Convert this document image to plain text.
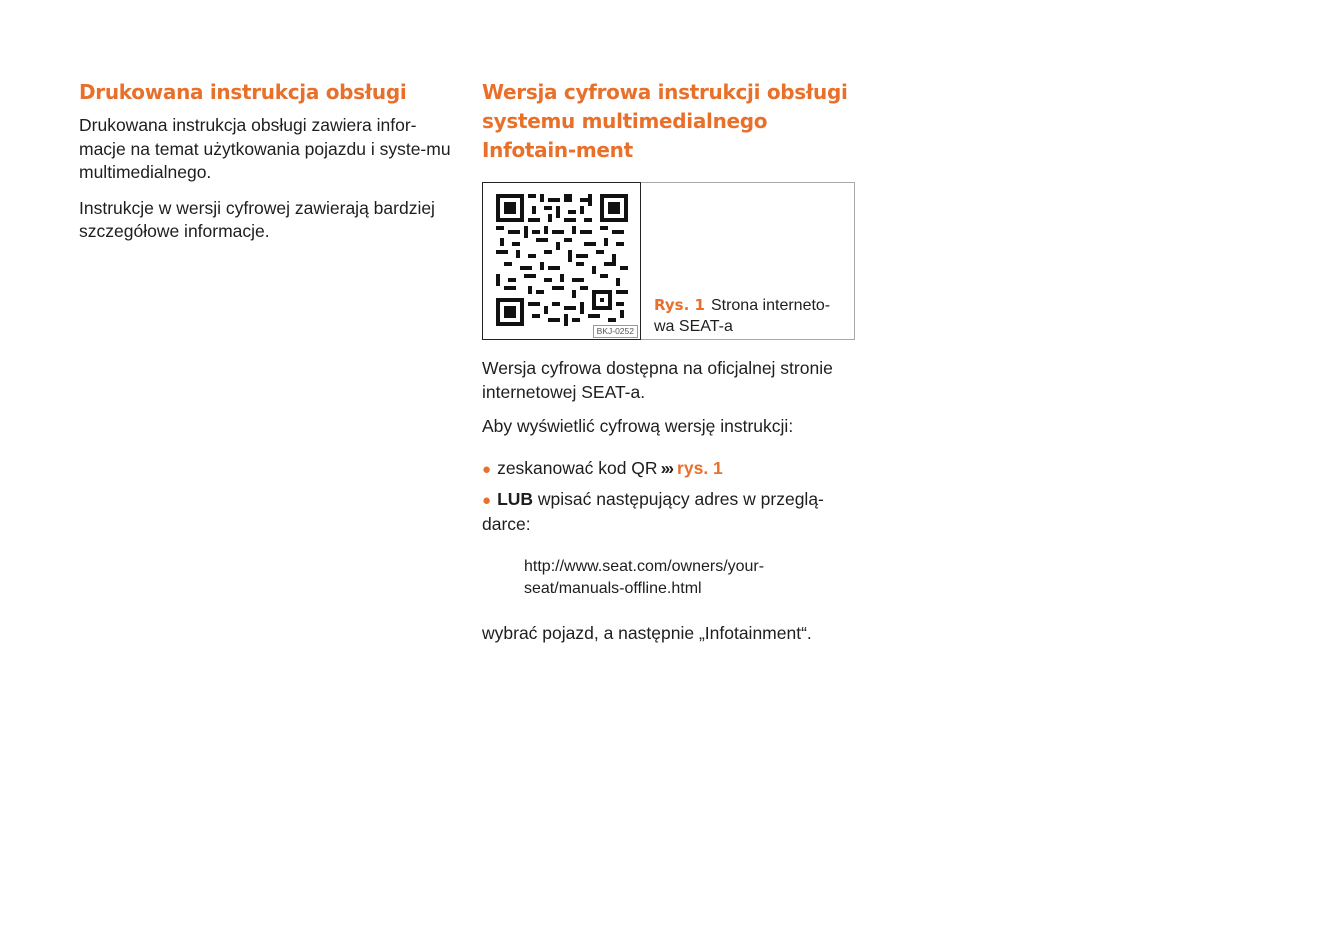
Drukowana instrukcja obsługi

Drukowana instrukcja obsługi zawiera infor-macje na temat użytkowania pojazdu i syste-mu multimedialnego.

Instrukcje w wersji cyfrowej zawierają bardziej szczegółowe informacje.

Wersja cyfrowa instrukcji obsługi systemu multimedialnego Infotain-ment
BKJ-0252
Rys. 1 Strona interneto-wa SEAT-a

Wersja cyfrowa dostępna na oficjalnej stronie internetowej SEAT-a.

Aby wyświetlić cyfrową wersję instrukcji:

● zeskanować kod QR ››› rys. 1
● LUB wpisać następujący adres w przeglą-darce:
http://www.seat.com/owners/your-seat/manuals-offline.html

wybrać pojazd, a następnie „Infotainment“.
